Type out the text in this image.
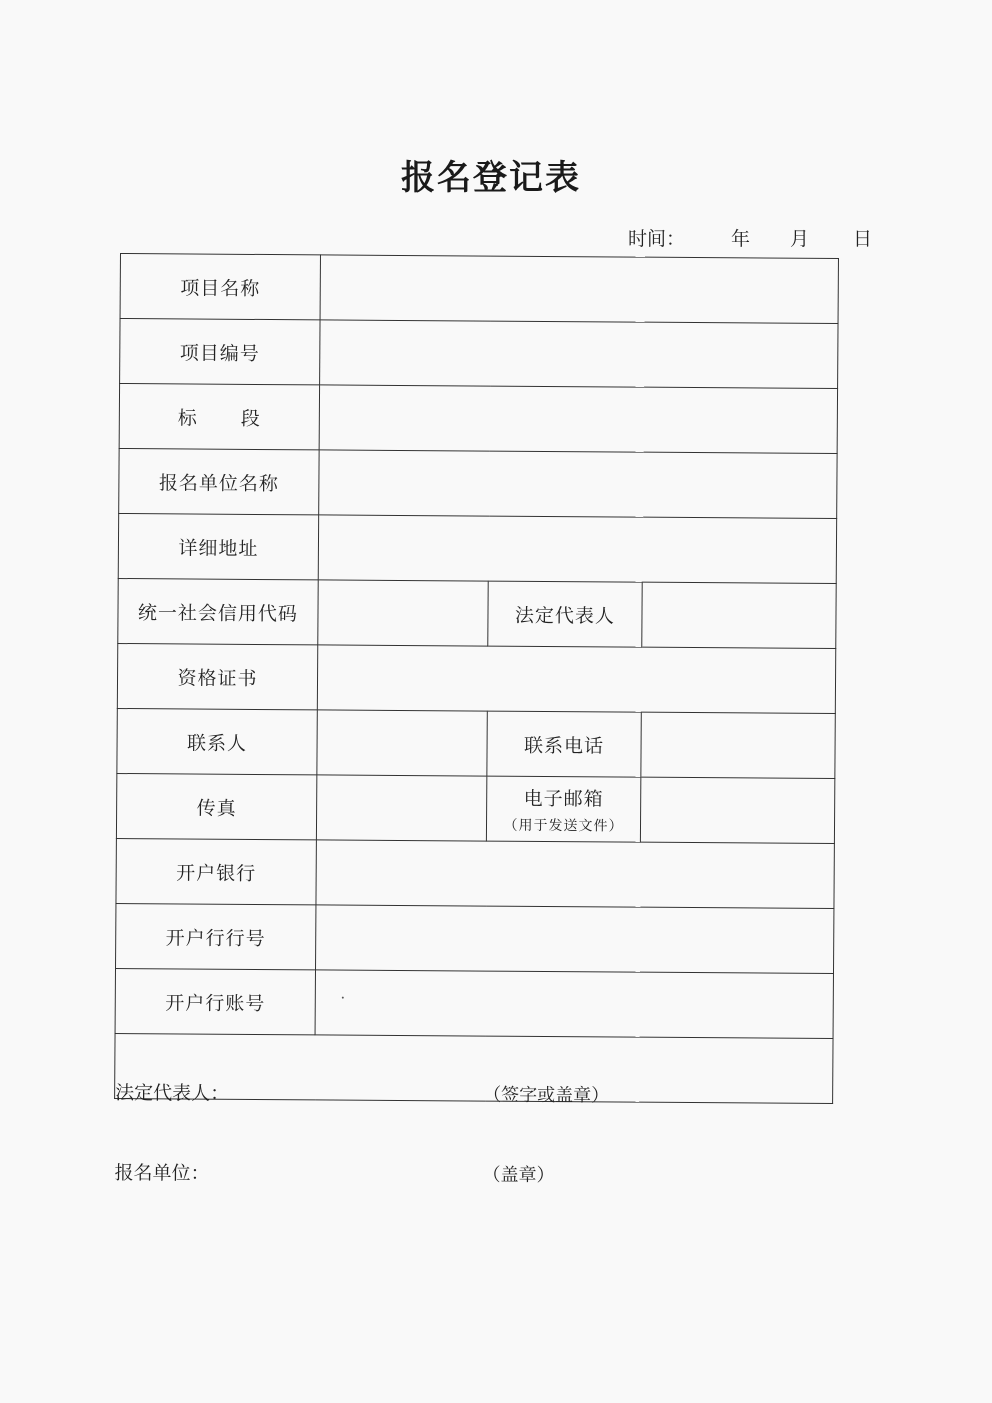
报名登记表
时间： 年 月 日
项目名称			
项目编号			
标 段			
报名单位名称			
详细地址			
统一社会信用代码		法定代表人	
资格证书			
联系人		联系电话	
传真		电子邮箱
（用于发送文件）	

开户银行			
开户行行号			
开户行账号			

法定代表人： （签字或盖章）
报名单位： （盖章）			
